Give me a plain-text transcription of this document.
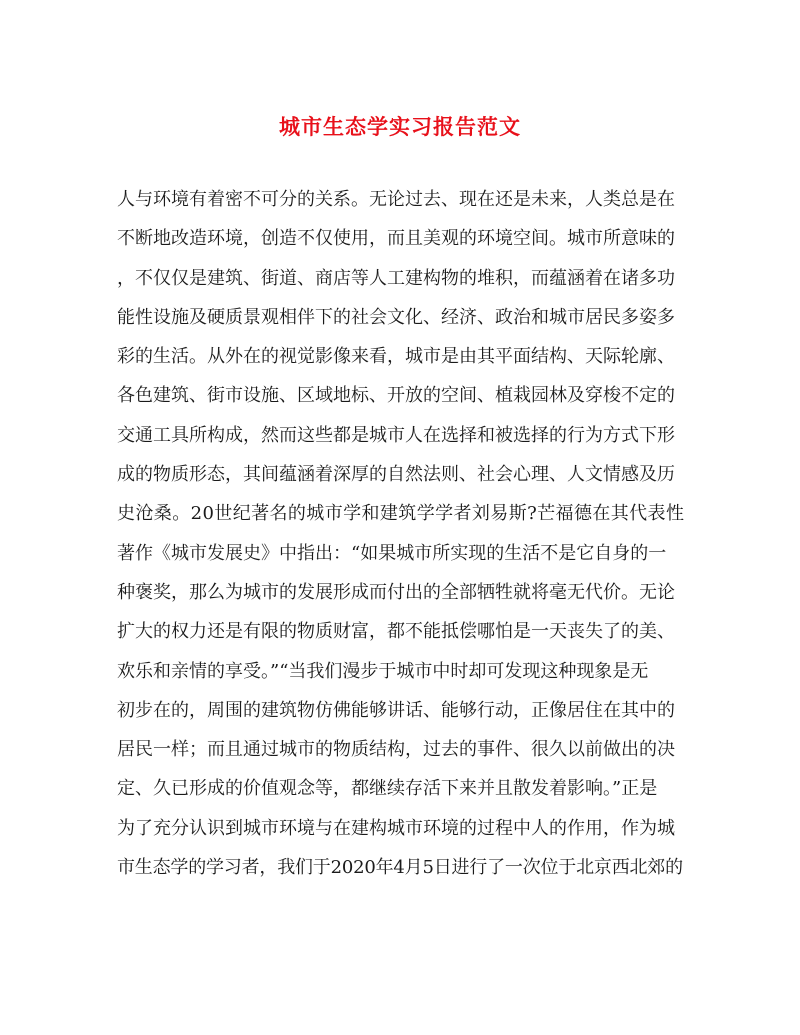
城市生态学实习报告范文
人与环境有着密不可分的关系。无论过去、现在还是未来，人类总是在
不断地改造环境，创造不仅使用，而且美观的环境空间。城市所意味的
，不仅仅是建筑、街道、商店等人工建构物的堆积，而蕴涵着在诸多功
能性设施及硬质景观相伴下的社会文化、经济、政治和城市居民多姿多
彩的生活。从外在的视觉影像来看，城市是由其平面结构、天际轮廓、
各色建筑、街市设施、区域地标、开放的空间、植栽园林及穿梭不定的
交通工具所构成，然而这些都是城市人在选择和被选择的行为方式下形
成的物质形态，其间蕴涵着深厚的自然法则、社会心理、人文情感及历
史沧桑。20世纪著名的城市学和建筑学学者刘易斯?芒福德在其代表性
著作《城市发展史》中指出：“如果城市所实现的生活不是它自身的一
种褒奖，那么为城市的发展形成而付出的全部牺牲就将毫无代价。无论
扩大的权力还是有限的物质财富，都不能抵偿哪怕是一天丧失了的美、
欢乐和亲情的享受。”“当我们漫步于城市中时却可发现这种现象是无
初步在的，周围的建筑物仿佛能够讲话、能够行动，正像居住在其中的
居民一样；而且通过城市的物质结构，过去的事件、很久以前做出的决
定、久已形成的价值观念等，都继续存活下来并且散发着影响。”正是
为了充分认识到城市环境与在建构城市环境的过程中人的作用，作为城
市生态学的学习者，我们于2020年4月5日进行了一次位于北京西北郊的
